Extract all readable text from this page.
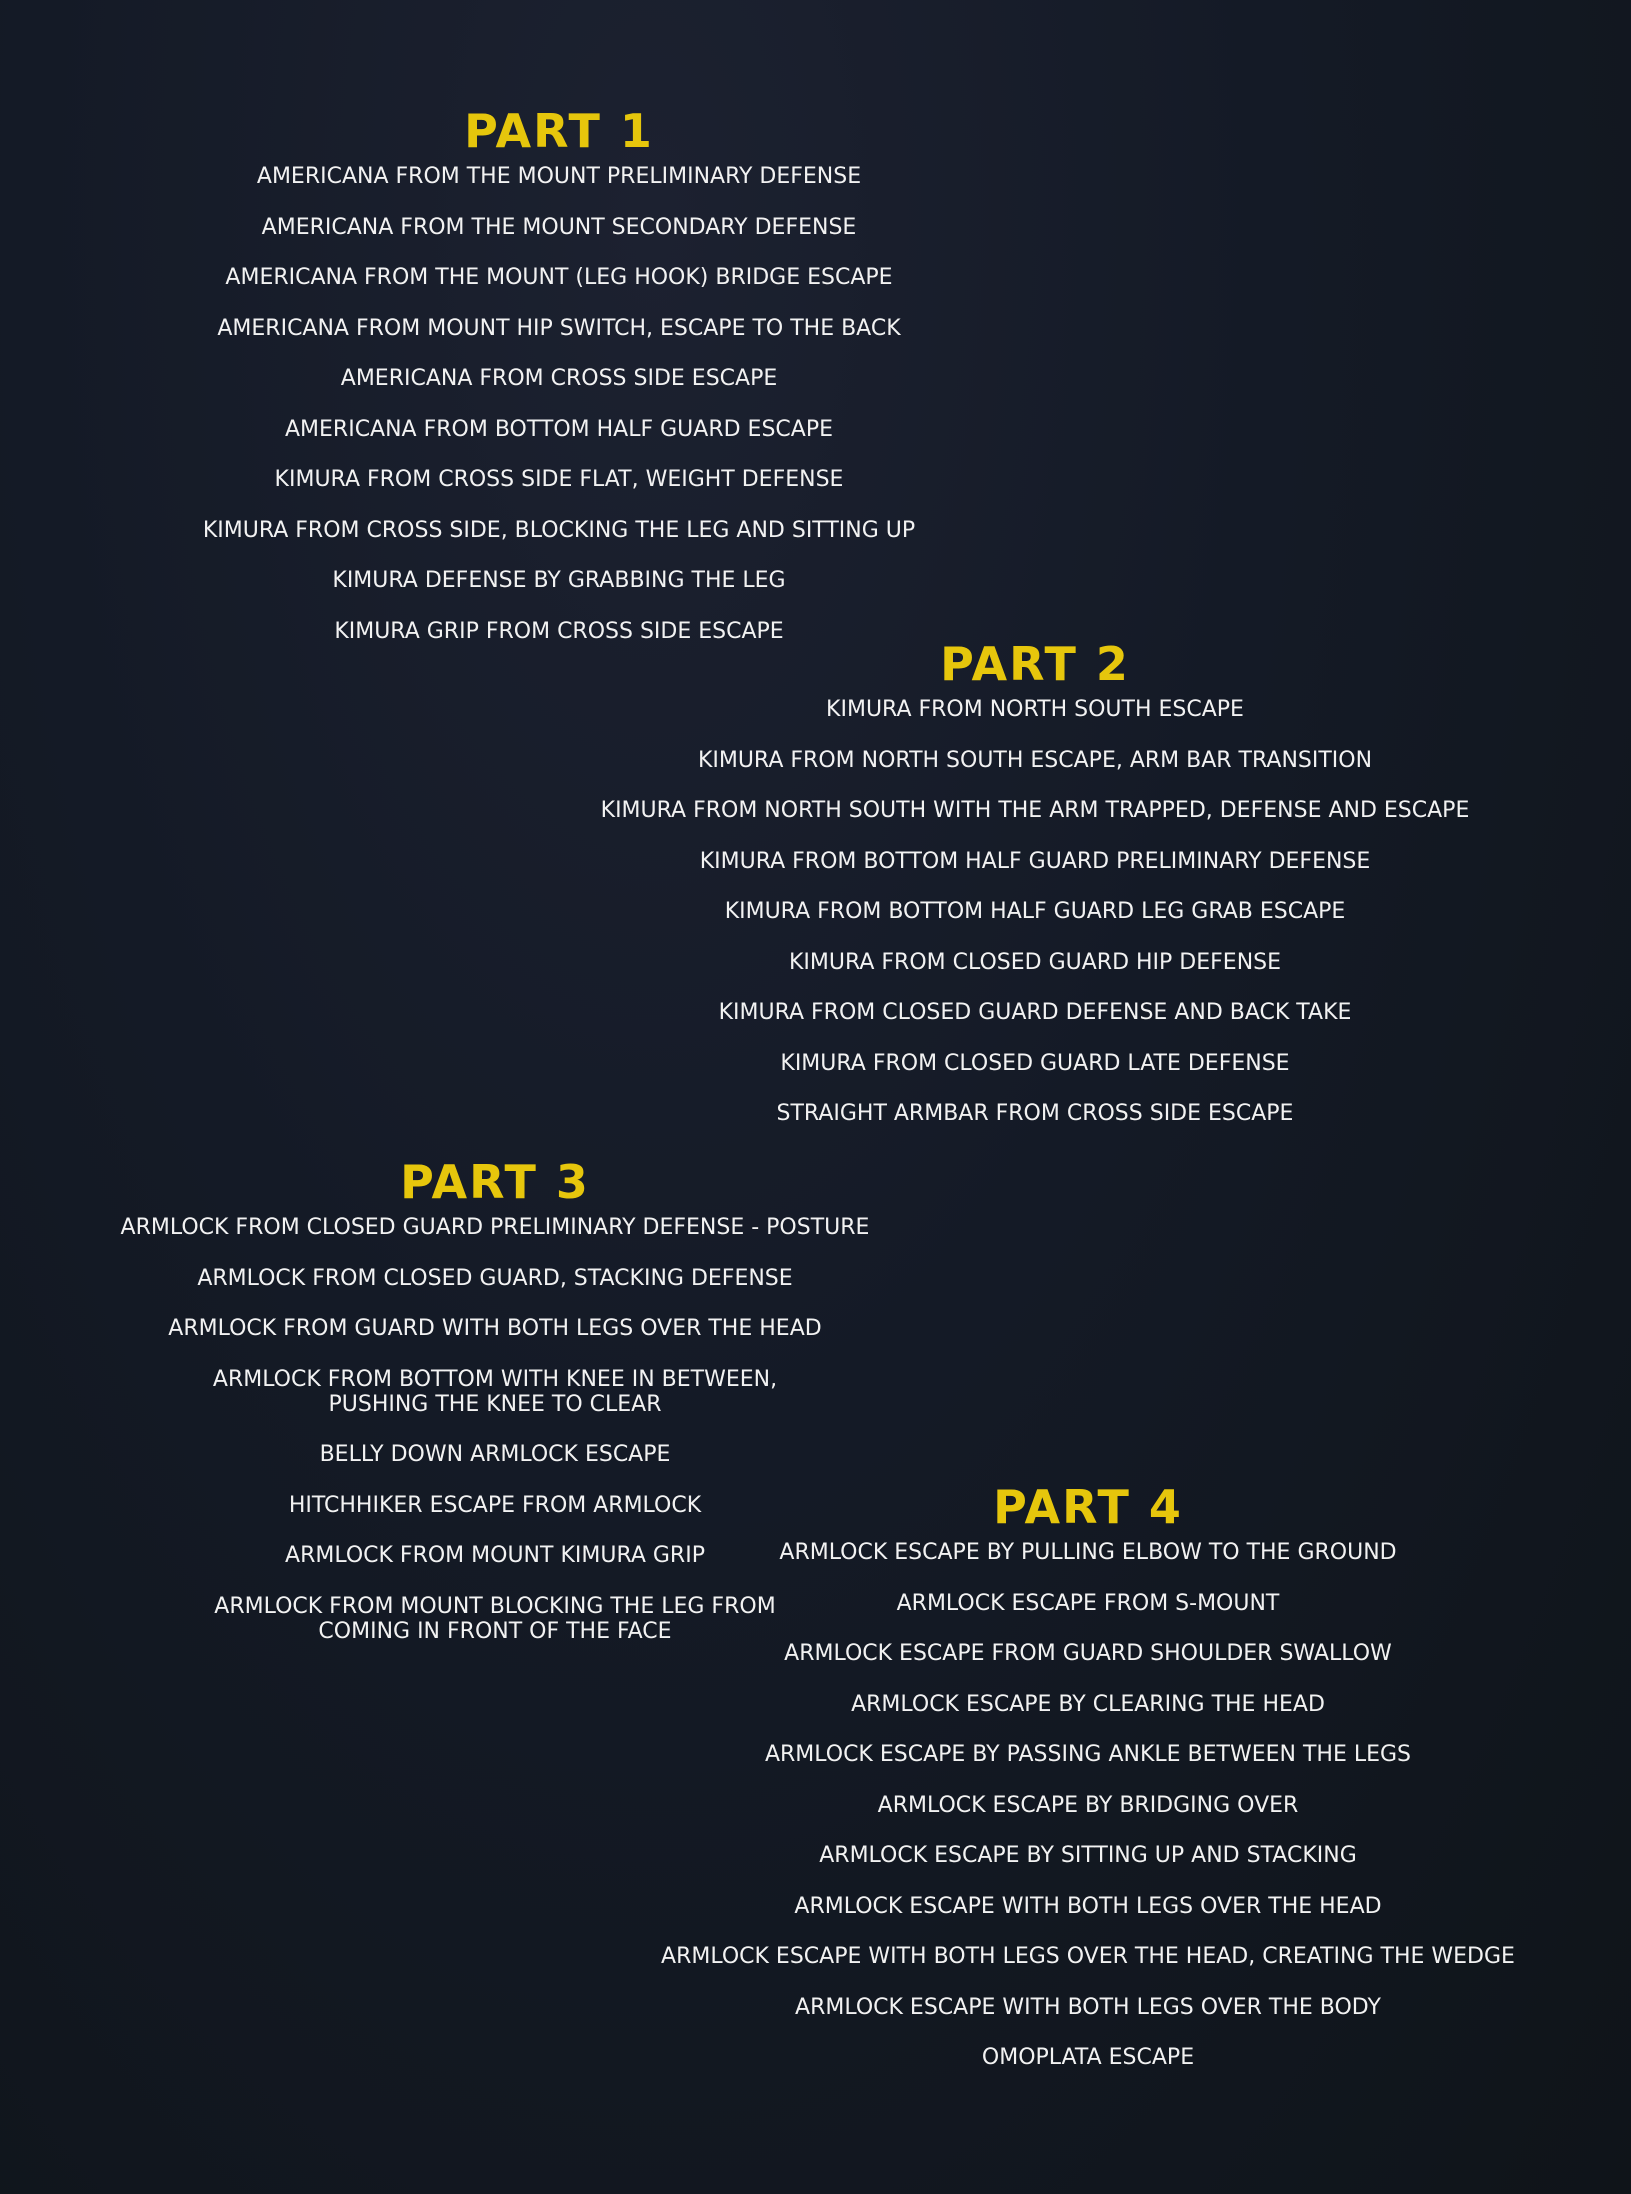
PART 1
AMERICANA FROM THE MOUNT PRELIMINARY DEFENSE
AMERICANA FROM THE MOUNT SECONDARY DEFENSE
AMERICANA FROM THE MOUNT (LEG HOOK) BRIDGE ESCAPE
AMERICANA FROM MOUNT HIP SWITCH, ESCAPE TO THE BACK
AMERICANA FROM CROSS SIDE ESCAPE
AMERICANA FROM BOTTOM HALF GUARD ESCAPE
KIMURA FROM CROSS SIDE FLAT, WEIGHT DEFENSE
KIMURA FROM CROSS SIDE, BLOCKING THE LEG AND SITTING UP
KIMURA DEFENSE BY GRABBING THE LEG
KIMURA GRIP FROM CROSS SIDE ESCAPE
PART 2
KIMURA FROM NORTH SOUTH ESCAPE
KIMURA FROM NORTH SOUTH ESCAPE, ARM BAR TRANSITION
KIMURA FROM NORTH SOUTH WITH THE ARM TRAPPED, DEFENSE AND ESCAPE
KIMURA FROM BOTTOM HALF GUARD PRELIMINARY DEFENSE
KIMURA FROM BOTTOM HALF GUARD LEG GRAB ESCAPE
KIMURA FROM CLOSED GUARD HIP DEFENSE
KIMURA FROM CLOSED GUARD DEFENSE AND BACK TAKE
KIMURA FROM CLOSED GUARD LATE DEFENSE
STRAIGHT ARMBAR FROM CROSS SIDE ESCAPE
PART 3
ARMLOCK FROM CLOSED GUARD PRELIMINARY DEFENSE - POSTURE
ARMLOCK FROM CLOSED GUARD, STACKING DEFENSE
ARMLOCK FROM GUARD WITH BOTH LEGS OVER THE HEAD
ARMLOCK FROM BOTTOM WITH KNEE IN BETWEEN,
PUSHING THE KNEE TO CLEAR
BELLY DOWN ARMLOCK ESCAPE
HITCHHIKER ESCAPE FROM ARMLOCK
ARMLOCK FROM MOUNT KIMURA GRIP
ARMLOCK FROM MOUNT BLOCKING THE LEG FROM
COMING IN FRONT OF THE FACE
PART 4
ARMLOCK ESCAPE BY PULLING ELBOW TO THE GROUND
ARMLOCK ESCAPE FROM S-MOUNT
ARMLOCK ESCAPE FROM GUARD SHOULDER SWALLOW
ARMLOCK ESCAPE BY CLEARING THE HEAD
ARMLOCK ESCAPE BY PASSING ANKLE BETWEEN THE LEGS
ARMLOCK ESCAPE BY BRIDGING OVER
ARMLOCK ESCAPE BY SITTING UP AND STACKING
ARMLOCK ESCAPE WITH BOTH LEGS OVER THE HEAD
ARMLOCK ESCAPE WITH BOTH LEGS OVER THE HEAD, CREATING THE WEDGE
ARMLOCK ESCAPE WITH BOTH LEGS OVER THE BODY
OMOPLATA ESCAPE
